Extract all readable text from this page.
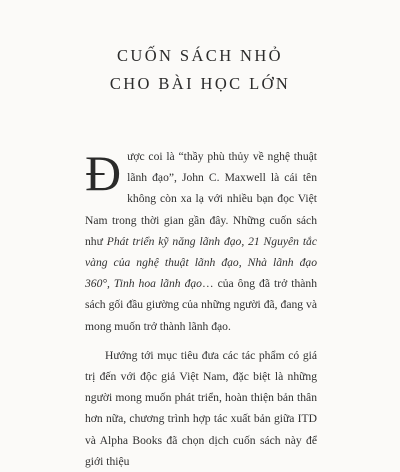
CUỐN SÁCH NHỎ
CHO BÀI HỌC LỚN

Được coi là “thầy phù thủy về nghệ thuật lãnh đạo”, John C. Maxwell là cái tên không còn xa lạ với nhiều bạn đọc Việt Nam trong thời gian gần đây. Những cuốn sách như Phát triển kỹ năng lãnh đạo, 21 Nguyên tắc vàng của nghệ thuật lãnh đạo, Nhà lãnh đạo 360°, Tinh hoa lãnh đạo… của ông đã trở thành sách gối đầu giường của những người đã, đang và mong muốn trở thành lãnh đạo.

Hướng tới mục tiêu đưa các tác phẩm có giá trị đến với độc giả Việt Nam, đặc biệt là những người mong muốn phát triển, hoàn thiện bản thân hơn nữa, chương trình hợp tác xuất bản giữa ITD và Alpha Books đã chọn dịch cuốn sách này để giới thiệu
